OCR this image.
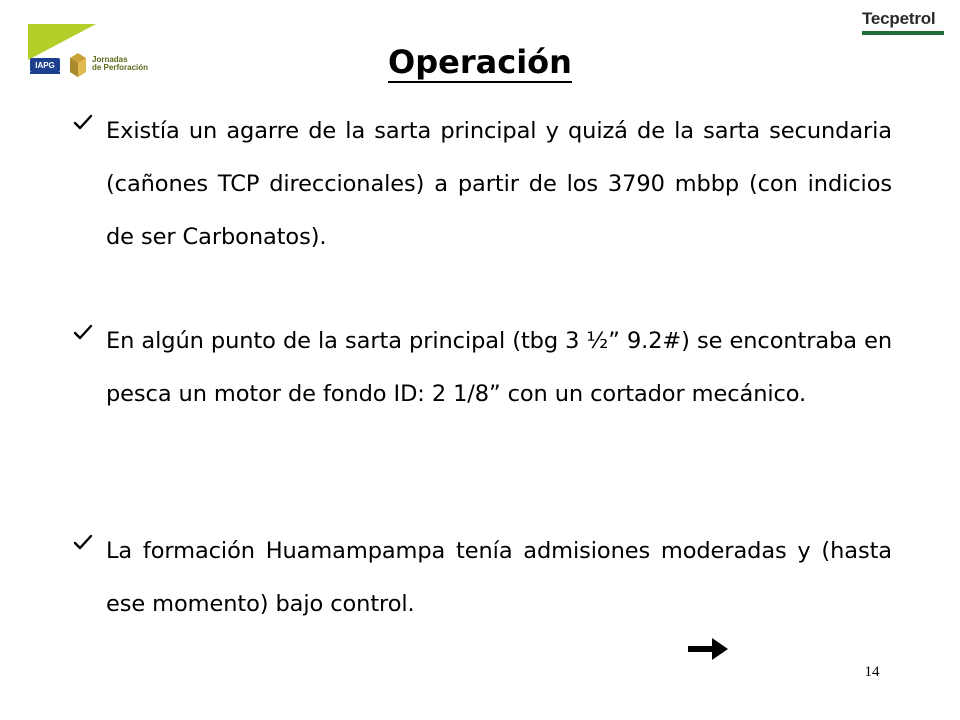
IAPG
Jornadas
de Perforación
Tecpetrol
Operación
Existía un agarre de la sarta principal y quizá de la sarta secundaria (cañones TCP direccionales) a partir de los 3790 mbbp (con indicios de ser Carbonatos).
En algún punto de la sarta principal (tbg 3 ½” 9.2#) se encontraba en pesca un motor de fondo ID: 2 1/8” con un cortador mecánico.
La formación Huamampampa tenía admisiones moderadas y (hasta ese momento) bajo control.
14
